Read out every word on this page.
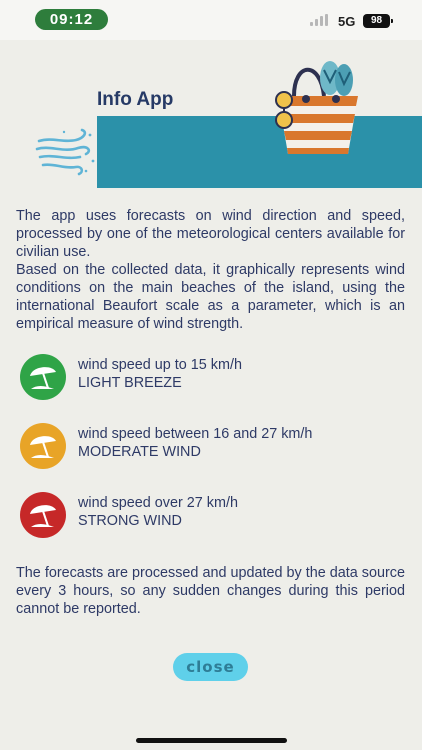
09:12	5G	98
Info App

The app uses forecasts on wind direction and speed, processed by one of the meteorological centers available for civilian use.

Based on the collected data, it graphically represents wind conditions on the main beaches of the island, using the international Beaufort scale as a parameter, which is an empirical measure of wind strength.

wind speed up to 15 km/h
LIGHT BREEZE
wind speed between 16 and 27 km/h
MODERATE WIND
wind speed over 27 km/h
STRONG WIND

The forecasts are processed and updated by the data source every 3 hours, so any sudden changes during this period cannot be reported.

close
